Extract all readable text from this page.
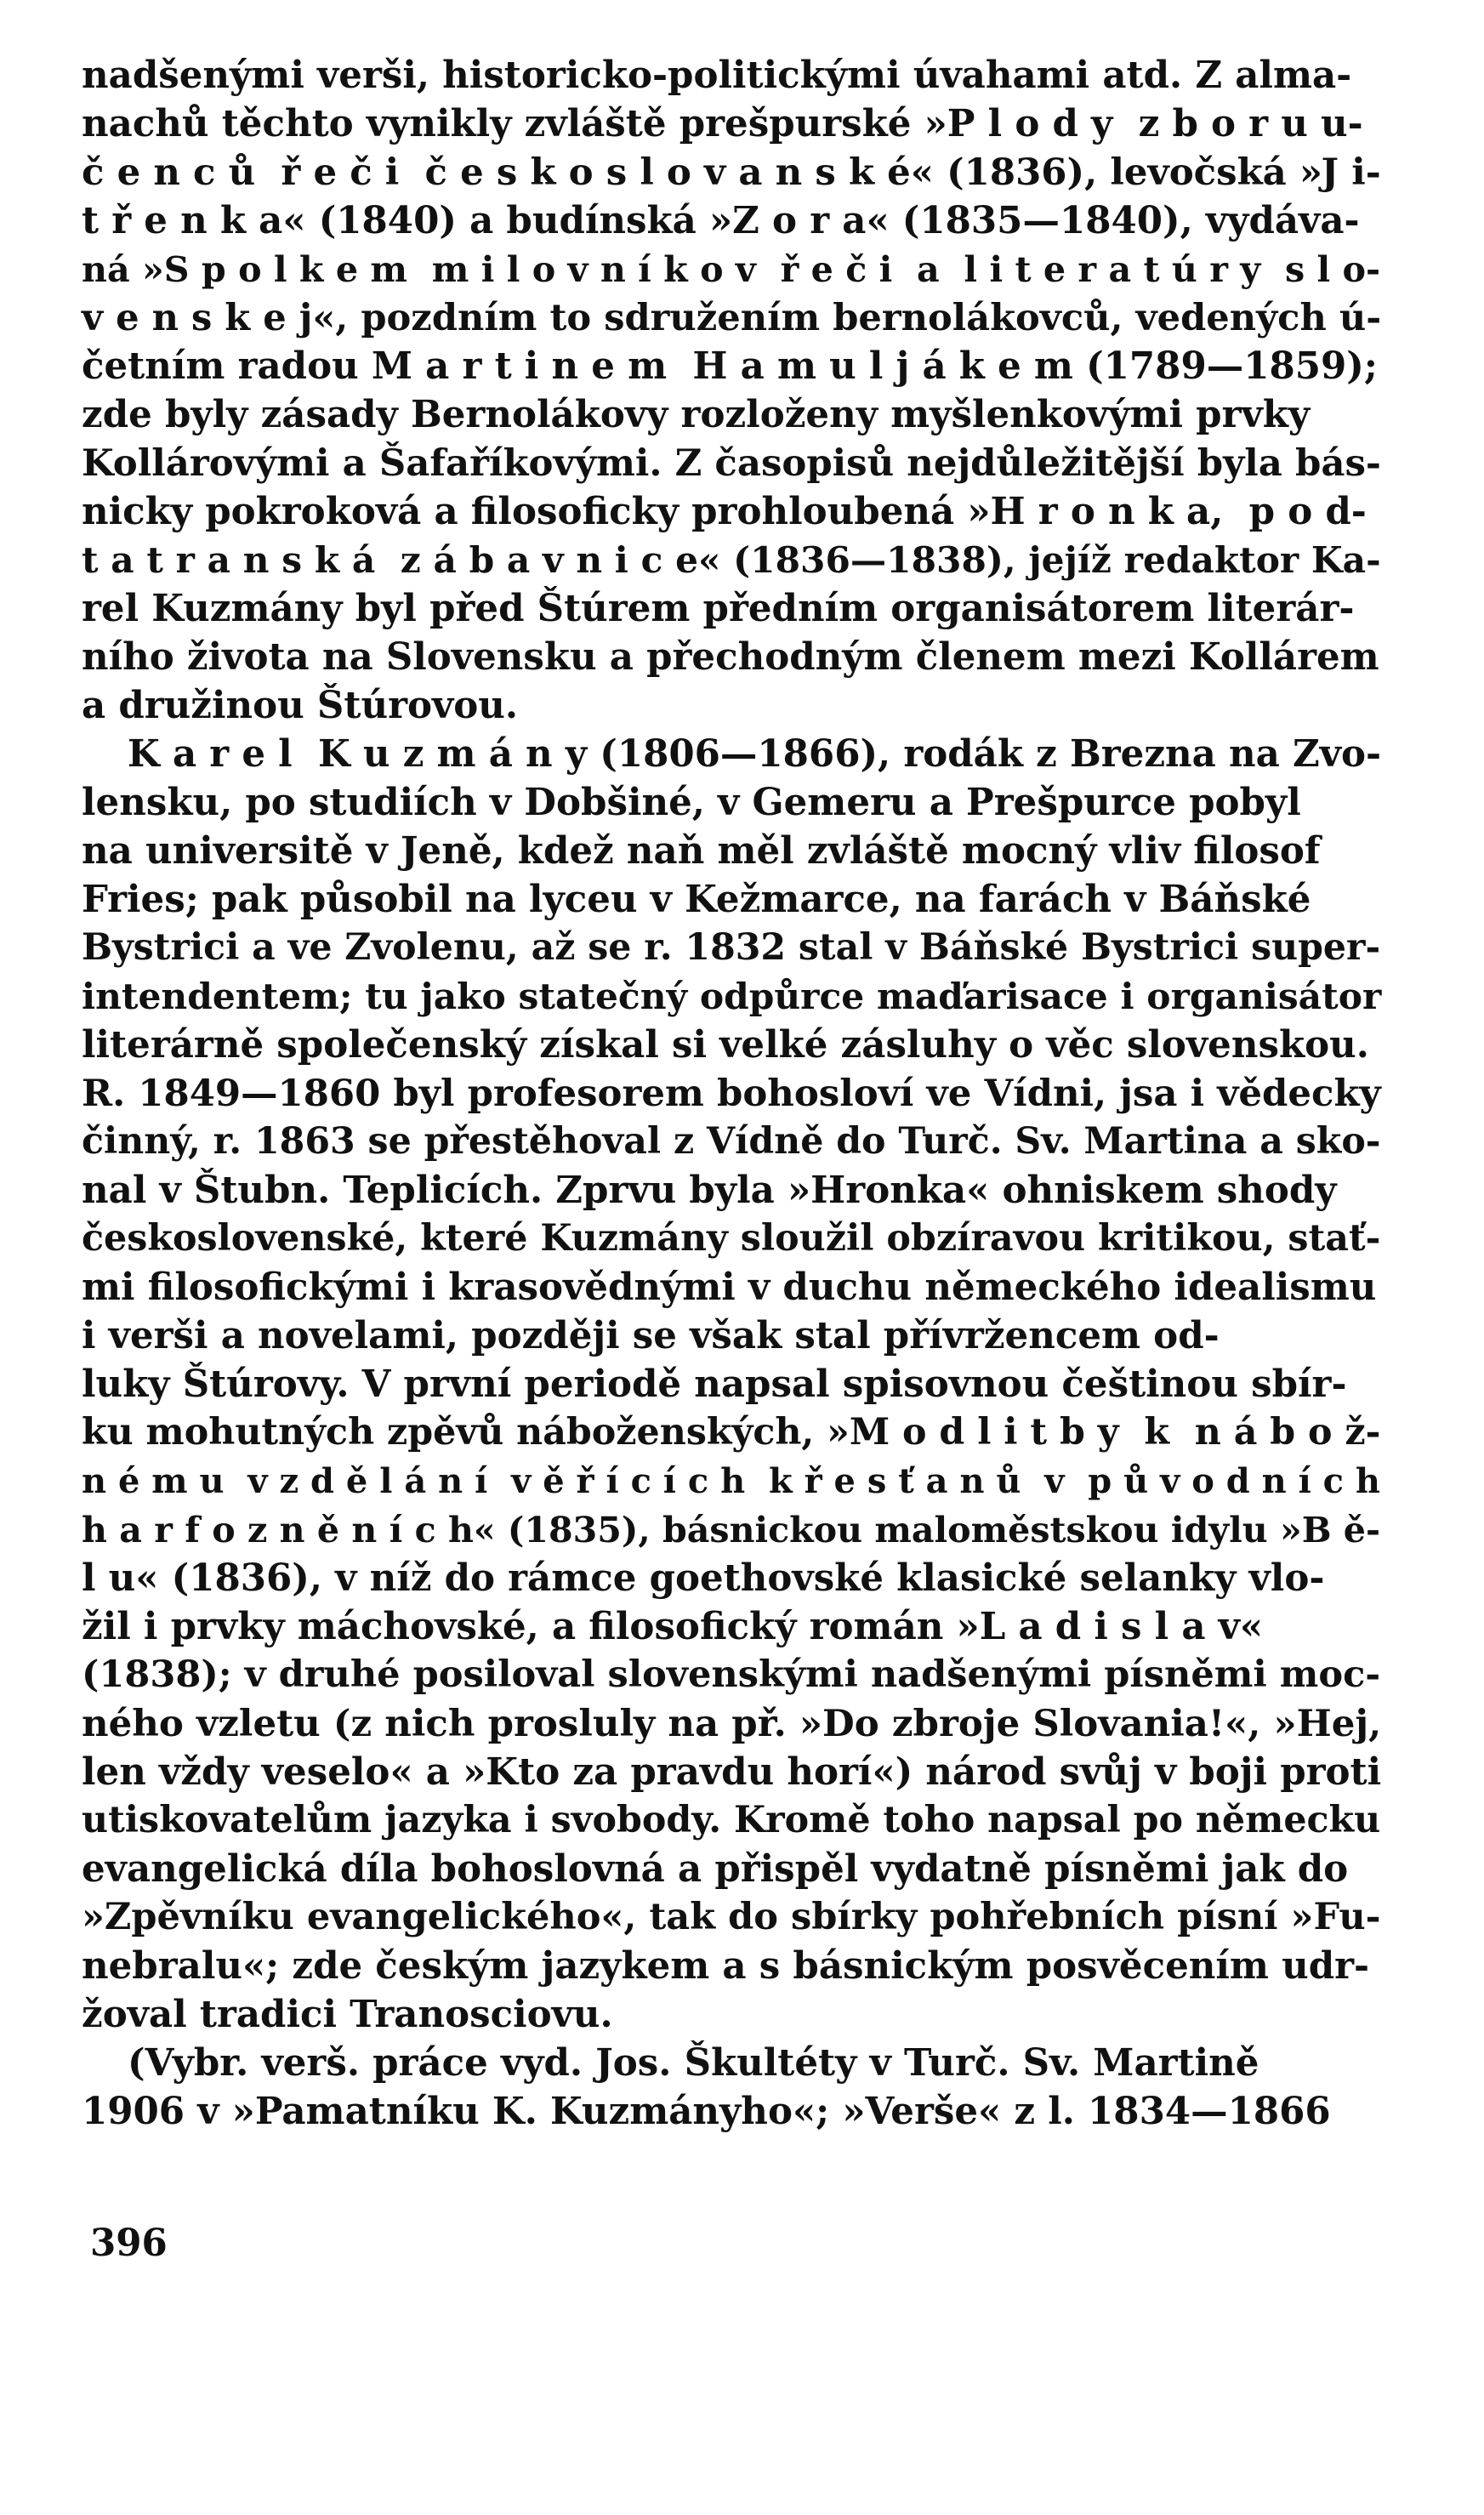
nadšenými verši, historicko-politickými úvahami atd. Z alma-
nachů těchto vynikly zvláště prešpurské »P l o d y  z b o r u u-
č e n c ů  ř e č i  č e s k o s l o v a n s k é« (1836), levočská »J i-
t ř e n k a« (1840) a budínská »Z o r a« (1835—1840), vydáva-
ná »S p o l k e m  m i l o v n í k o v  ř e č i  a  l i t e r a t ú r y  s l o-
v e n s k e j«, pozdním to sdružením bernolákovců, vedených ú-
četním radou M a r t i n e m  H a m u l j á k e m (1789—1859);
zde byly zásady Bernolákovy rozloženy myšlenkovými prvky
Kollárovými a Šafaříkovými. Z časopisů nejdůležitější byla bás-
nicky pokroková a filosoficky prohloubená »H r o n k a,  p o d-
t a t r a n s k á  z á b a v n i c e« (1836—1838), jejíž redaktor Ka-
rel Kuzmány byl před Štúrem předním organisátorem literár-
ního života na Slovensku a přechodným členem mezi Kollárem
a družinou Štúrovou.
K a r e l  K u z m á n y (1806—1866), rodák z Brezna na Zvo-
lensku, po studiích v Dobšiné, v Gemeru a Prešpurce pobyl
na universitě v Jeně, kdež naň měl zvláště mocný vliv filosof
Fries; pak působil na lyceu v Kežmarce, na farách v Báňské
Bystrici a ve Zvolenu, až se r. 1832 stal v Báňské Bystrici super-
intendentem; tu jako statečný odpůrce maďarisace i organisátor
literárně společenský získal si velké zásluhy o věc slovenskou.
R. 1849—1860 byl profesorem bohosloví ve Vídni, jsa i vědecky
činný, r. 1863 se přestěhoval z Vídně do Turč. Sv. Martina a sko-
nal v Štubn. Teplicích. Zprvu byla »Hronka« ohniskem shody
československé, které Kuzmány sloužil obzíravou kritikou, stať-
mi filosofickými i krasovědnými v duchu německého idealismu
i verši a novelami, později se však stal přívržencem od-
luky Štúrovy. V první periodě napsal spisovnou češtinou sbír-
ku mohutných zpěvů náboženských, »M o d l i t b y  k  n á b o ž-
n é m u  v z d ě l á n í  v ě ř í c í c h  k ř e s ť a n ů  v  p ů v o d n í c h
h a r f o z n ě n í c h« (1835), básnickou maloměstskou idylu »B ě-
l u« (1836), v níž do rámce goethovské klasické selanky vlo-
žil i prvky máchovské, a filosofický román »L a d i s l a v«
(1838); v druhé posiloval slovenskými nadšenými písněmi moc-
ného vzletu (z nich prosluly na př. »Do zbroje Slovania!«, »Hej,
len vždy veselo« a »Kto za pravdu horí«) národ svůj v boji proti
utiskovatelům jazyka i svobody. Kromě toho napsal po německu
evangelická díla bohoslovná a přispěl vydatně písněmi jak do
»Zpěvníku evangelického«, tak do sbírky pohřebních písní »Fu-
nebralu«; zde českým jazykem a s básnickým posvěcením udr-
žoval tradici Tranosciovu.
(Vybr. verš. práce vyd. Jos. Škultéty v Turč. Sv. Martině
1906 v »Pamatníku K. Kuzmányho«; »Verše« z l. 1834—1866
396
